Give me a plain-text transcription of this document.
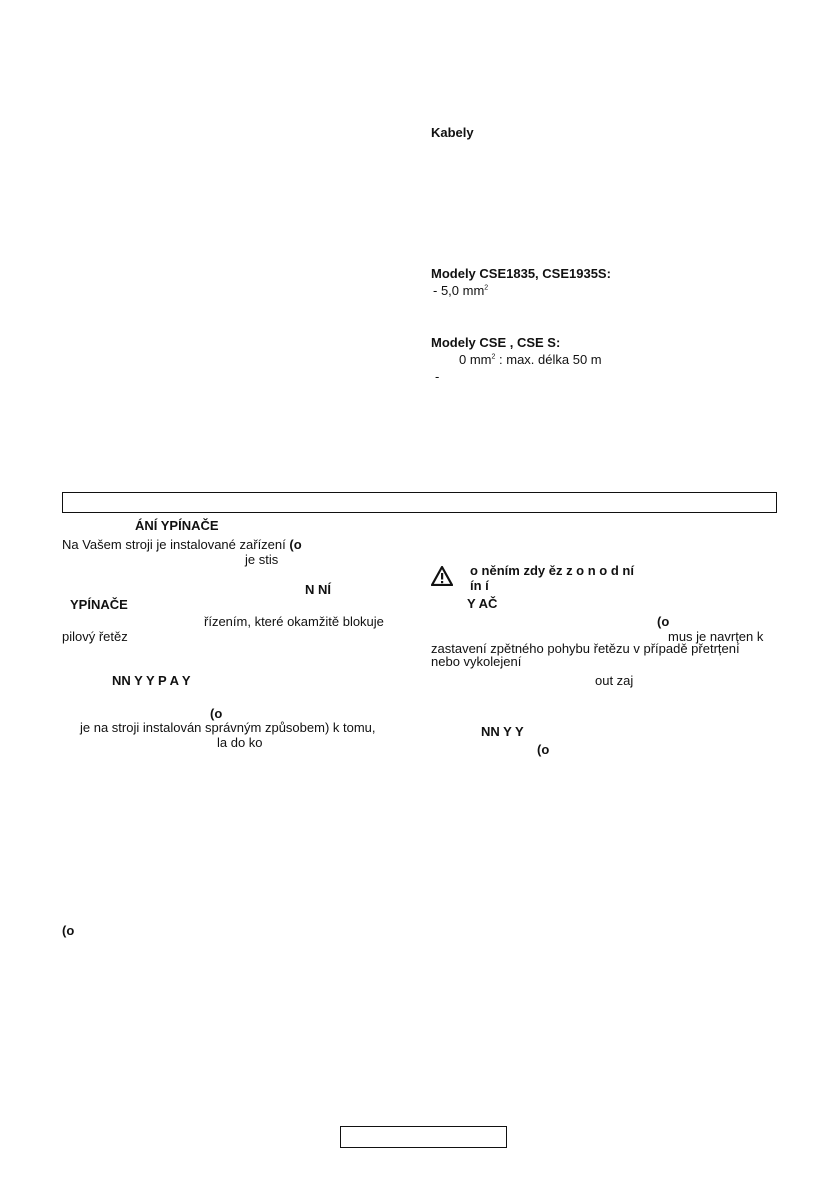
Kabely
Modely CSE1835, CSE1935S:
- 5,0 $mm^2$
Modely CSE , CSE S:
0 $mm^2$ : max. délka 50 m
-
ÁNÍ YPÍNAČE
Na Vašem stroji je instalované zařízení (o
je stis
N NÍ
YPÍNAČE
řízením, které okamžitě blokuje
pilový řetěz
NN Y Y P A Y
(o
je na stroji instalován správným způsobem) k tomu,
la do ko
(o
o něním zdy ěz z o n o d ní
ín í
Y AČ
(o
mus je navrțen k
zastavení zpětného pohybu řetězu v případě přetrțení
nebo vykolejení
out zaj
NN Y Y
(o
